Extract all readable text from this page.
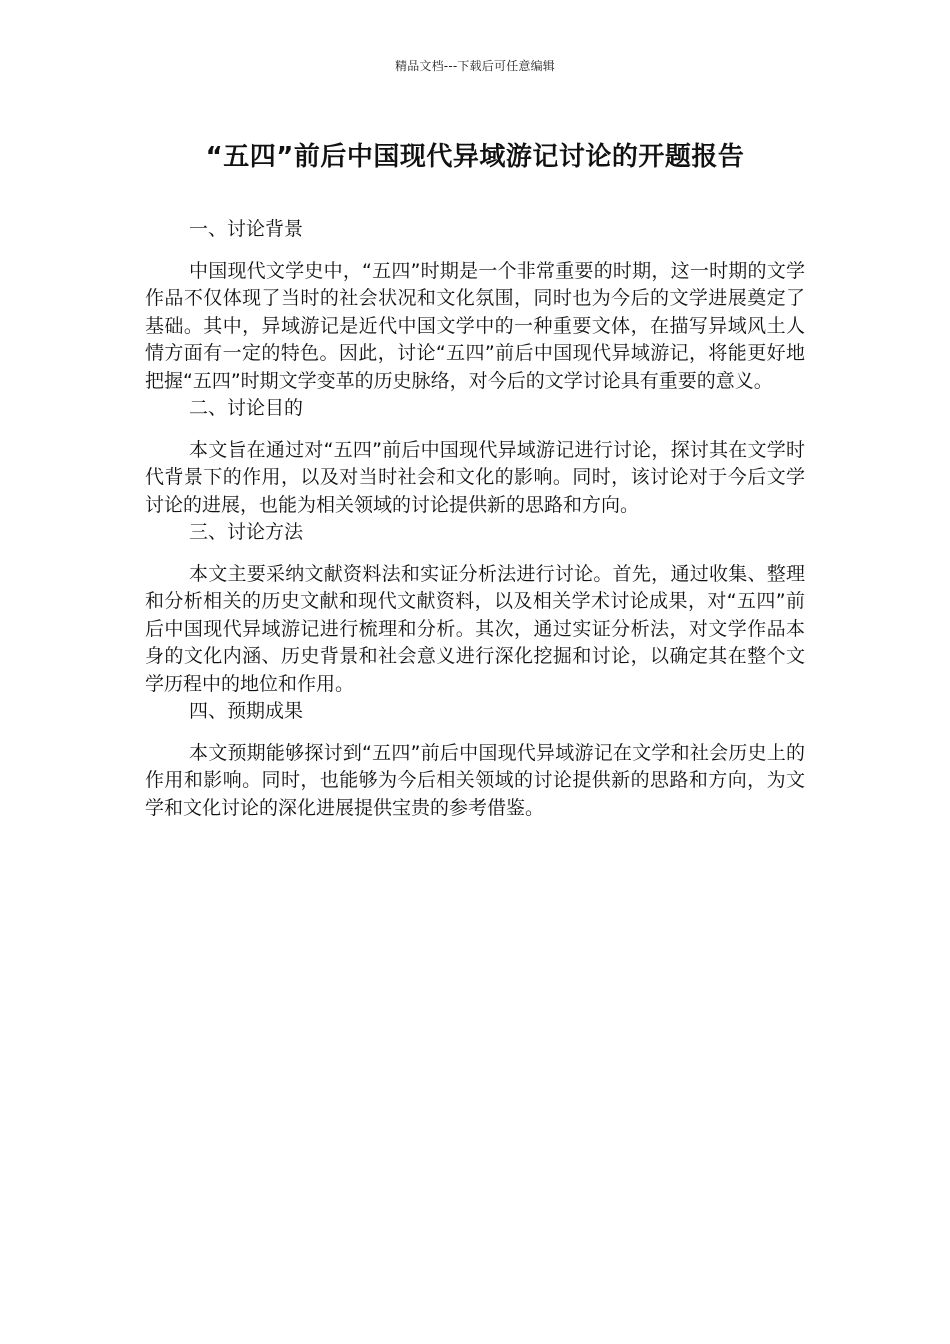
精品文档---下载后可任意编辑
“五四”前后中国现代异域游记讨论的开题报告
一、讨论背景

中国现代文学史中，“五四”时期是一个非常重要的时期，这一时期的文学作品不仅体现了当时的社会状况和文化氛围，同时也为今后的文学进展奠定了基础。其中，异域游记是近代中国文学中的一种重要文体，在描写异域风土人情方面有一定的特色。因此，讨论“五四”前后中国现代异域游记，将能更好地把握“五四”时期文学变革的历史脉络，对今后的文学讨论具有重要的意义。

二、讨论目的

本文旨在通过对“五四”前后中国现代异域游记进行讨论，探讨其在文学时代背景下的作用，以及对当时社会和文化的影响。同时，该讨论对于今后文学讨论的进展，也能为相关领域的讨论提供新的思路和方向。

三、讨论方法

本文主要采纳文献资料法和实证分析法进行讨论。首先，通过收集、整理和分析相关的历史文献和现代文献资料，以及相关学术讨论成果，对“五四”前后中国现代异域游记进行梳理和分析。其次，通过实证分析法，对文学作品本身的文化内涵、历史背景和社会意义进行深化挖掘和讨论，以确定其在整个文学历程中的地位和作用。

四、预期成果

本文预期能够探讨到“五四”前后中国现代异域游记在文学和社会历史上的作用和影响。同时，也能够为今后相关领域的讨论提供新的思路和方向，为文学和文化讨论的深化进展提供宝贵的参考借鉴。
